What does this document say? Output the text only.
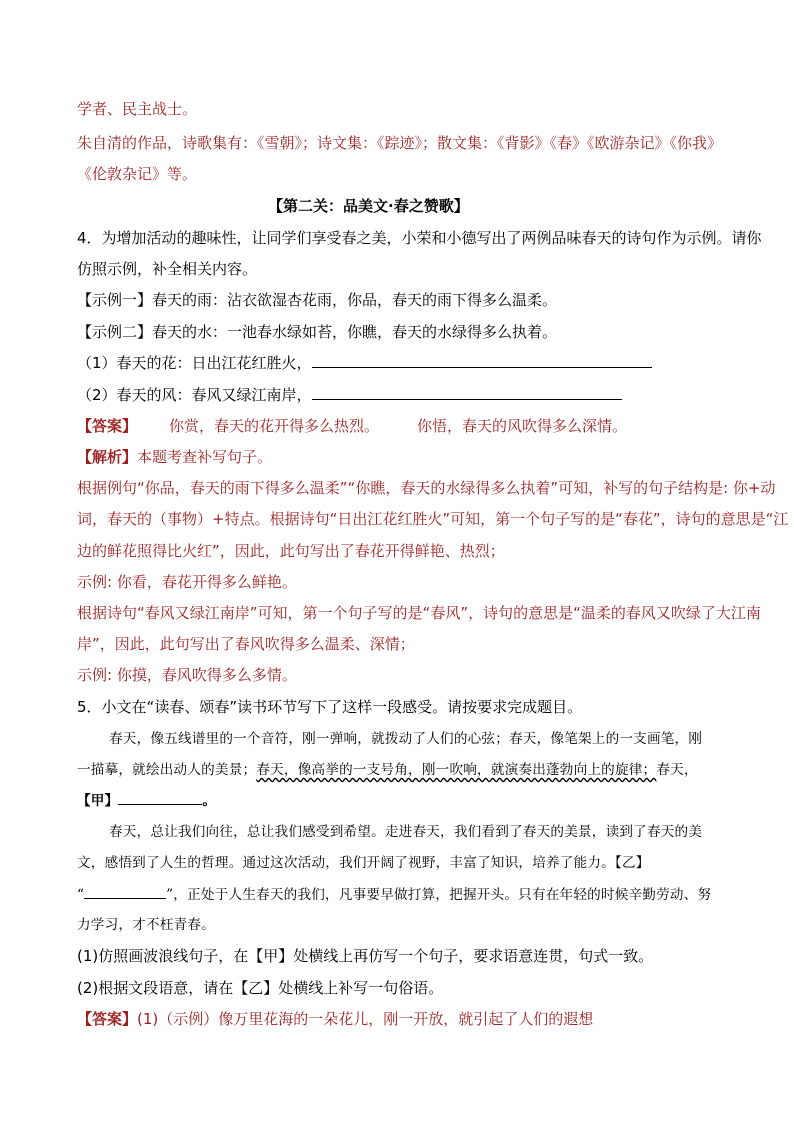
学者、民主战士。
朱自清的作品，诗歌集有：《雪朝》；诗文集：《踪迹》；散文集：《背影》《春》《欧游杂记》《你我》
《伦敦杂记》等。
【第二关：品美文·春之赞歌】
4．为增加活动的趣味性，让同学们享受春之美，小荣和小德写出了两例品味春天的诗句作为示例。请你
仿照示例，补全相关内容。
【示例一】春天的雨：沾衣欲湿杏花雨，你品，春天的雨下得多么温柔。
【示例二】春天的水：一池春水绿如苔，你瞧，春天的水绿得多么执着。
（1）春天的花：日出江花红胜火，
（2）春天的风：春风又绿江南岸，
【答案】 你赏，春天的花开得多么热烈。	你悟，春天的风吹得多么深情。
【解析】本题考查补写句子。
根据例句“你品，春天的雨下得多么温柔”“你瞧，春天的水绿得多么执着”可知，补写的句子结构是: 你+动
词，春天的（事物）+特点。根据诗句“日出江花红胜火”可知，第一个句子写的是“春花”，诗句的意思是“江
边的鲜花照得比火红”，因此，此句写出了春花开得鲜艳、热烈；
示例: 你看，春花开得多么鲜艳。
根据诗句“春风又绿江南岸”可知，第一个句子写的是“春风”，诗句的意思是“温柔的春风又吹绿了大江南
岸”，因此，此句写出了春风吹得多么温柔、深情；
示例: 你摸，春风吹得多么多情。
5．小文在“读春、颂春”读书环节写下了这样一段感受。请按要求完成题目。
春天，像五线谱里的一个音符，刚一弹响，就拨动了人们的心弦；春天，像笔架上的一支画笔，刚
一描摹，就绘出动人的美景；春天，像高挙的一支号角，刚一吹响，就演奏出蓬勃向上的旋律；春天，
【甲】	。
春天，总让我们向往，总让我们感受到希望。走进春天，我们看到了春天的美景，读到了春天的美
文，感悟到了人生的哲理。通过这次活动，我们开阔了视野，丰富了知识，培养了能力。【乙】
“	”，正处于人生春天的我们，凡事要早做打算，把握开头。只有在年轻的时候辛勤劳动、努
力学习，才不枉青春。
(1)仿照画波浪线句子，在【甲】处横线上再仿写一个句子，要求语意连贯，句式一致。
(2)根据文段语意，请在【乙】处横线上补写一句俗语。
【答案】(1)（示例）像万里花海的一朵花儿，刚一开放，就引起了人们的遐想
